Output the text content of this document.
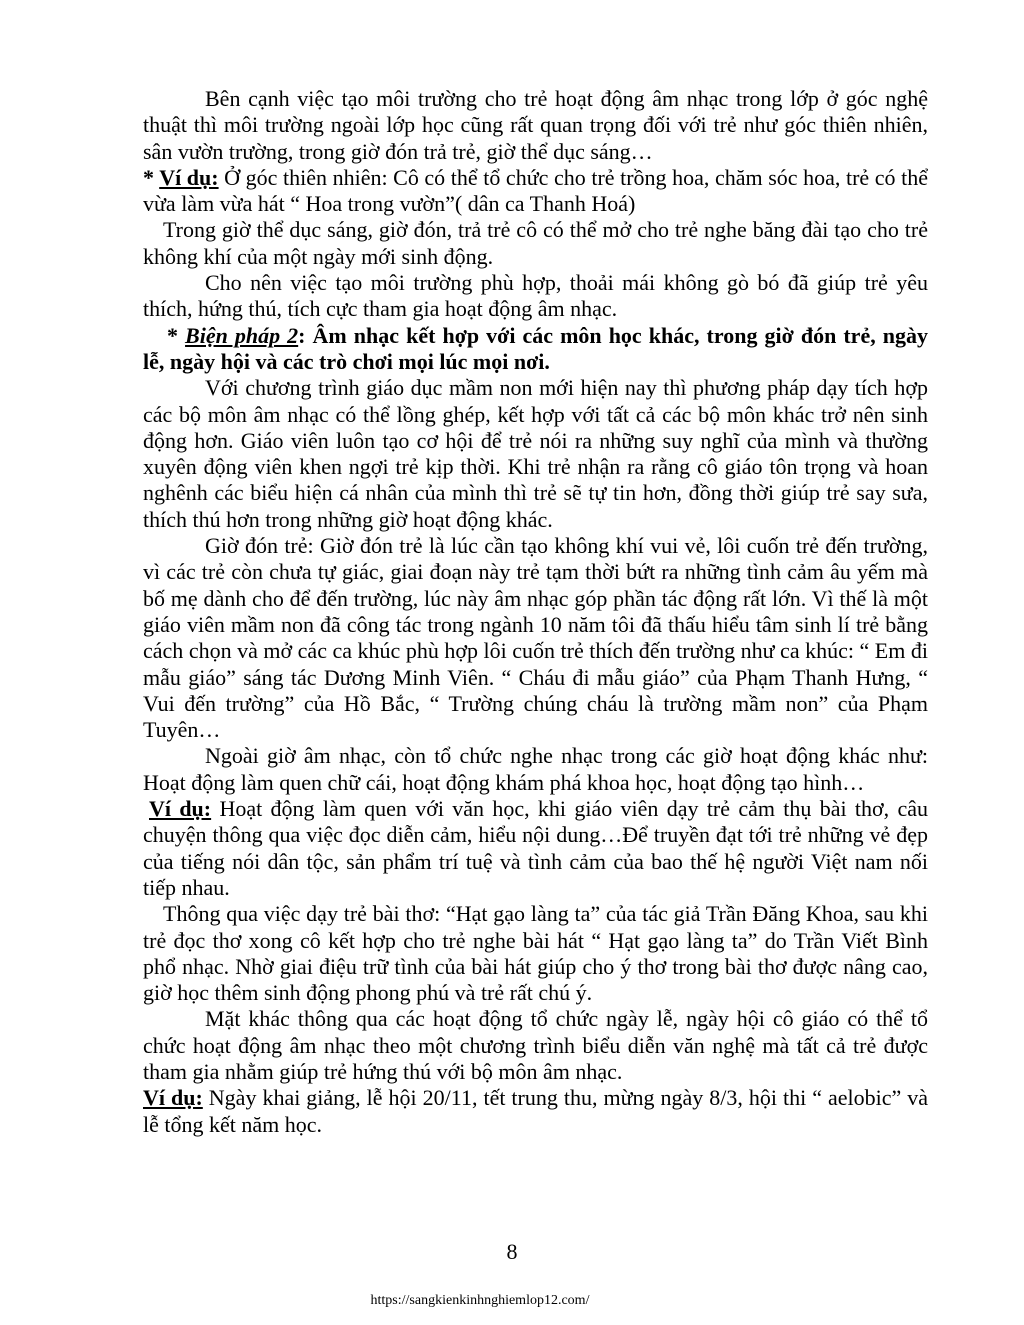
Bên cạnh việc tạo môi trường cho trẻ hoạt động âm nhạc trong lớp ở góc nghệ thuật thì môi trường ngoài lớp học cũng rất quan trọng đối với trẻ như góc thiên nhiên, sân vườn trường, trong giờ đón trả trẻ, giờ thể dục sáng…

* Ví dụ: Ở góc thiên nhiên: Cô có thể tổ chức cho trẻ trồng hoa, chăm sóc hoa, trẻ có thể vừa làm vừa hát “ Hoa trong vườn”( dân ca Thanh Hoá)

Trong giờ thể dục sáng, giờ đón, trả trẻ cô có thể mở cho trẻ nghe băng đài tạo cho trẻ không khí của một ngày mới sinh động.

Cho nên việc tạo môi trường phù hợp, thoải mái không gò bó đã giúp trẻ yêu thích, hứng thú, tích cực tham gia hoạt động âm nhạc.

* Biện pháp 2: Âm nhạc kết hợp với các môn học khác, trong giờ đón trẻ, ngày lễ, ngày hội và các trò chơi mọi lúc mọi nơi.

Với chương trình giáo dục mầm non mới hiện nay thì phương pháp dạy tích hợp các bộ môn âm nhạc có thể lồng ghép, kết hợp với tất cả các bộ môn khác trở nên sinh động hơn. Giáo viên luôn tạo cơ hội để trẻ nói ra những suy nghĩ của mình và thường xuyên động viên khen ngợi trẻ kịp thời. Khi trẻ nhận ra rằng cô giáo tôn trọng và hoan nghênh các biểu hiện cá nhân của mình thì trẻ sẽ tự tin hơn, đồng thời giúp trẻ say sưa, thích thú hơn trong những giờ hoạt động khác.

Giờ đón trẻ: Giờ đón trẻ là lúc cần tạo không khí vui vẻ, lôi cuốn trẻ đến trường, vì các trẻ còn chưa tự giác, giai đoạn này trẻ tạm thời bứt ra những tình cảm âu yếm mà bố mẹ dành cho để đến trường, lúc này âm nhạc góp phần tác động rất lớn. Vì thế là một giáo viên mầm non đã công tác trong ngành 10 năm tôi đã thấu hiểu tâm sinh lí trẻ bằng cách chọn và mở các ca khúc phù hợp lôi cuốn trẻ thích đến trường như ca khúc: “ Em đi mẫu giáo” sáng tác Dương Minh Viên. “ Cháu đi mẫu giáo” của Phạm Thanh Hưng, “ Vui đến trường” của Hồ Bắc, “ Trường chúng cháu là trường mầm non” của Phạm Tuyên…

Ngoài giờ âm nhạc, còn tổ chức nghe nhạc trong các giờ hoạt động khác như: Hoạt động làm quen chữ cái, hoạt động khám phá khoa học, hoạt động tạo hình…

Ví dụ: Hoạt động làm quen với văn học, khi giáo viên dạy trẻ cảm thụ bài thơ, câu chuyện thông qua việc đọc diễn cảm, hiểu nội dung…Để truyền đạt tới trẻ những vẻ đẹp của tiếng nói dân tộc, sản phẩm trí tuệ và tình cảm của bao thế hệ người Việt nam nối tiếp nhau.

Thông qua việc dạy trẻ bài thơ: “Hạt gạo làng ta” của tác giả Trần Đăng Khoa, sau khi trẻ đọc thơ xong cô kết hợp cho trẻ nghe bài hát “ Hạt gạo làng ta” do Trần Viết Bình phổ nhạc. Nhờ giai điệu trữ tình của bài hát giúp cho ý thơ trong bài thơ được nâng cao, giờ học thêm sinh động phong phú và trẻ rất chú ý.

Mặt khác thông qua các hoạt động tổ chức ngày lễ, ngày hội cô giáo có thể tổ chức hoạt động âm nhạc theo một chương trình biểu diễn văn nghệ mà tất cả trẻ được tham gia nhằm giúp trẻ hứng thú với bộ môn âm nhạc.

Ví dụ: Ngày khai giảng, lễ hội 20/11, tết trung thu, mừng ngày 8/3, hội thi “ aelobic” và lễ tổng kết năm học.

8
https://sangkienkinhnghiemlop12.com/
